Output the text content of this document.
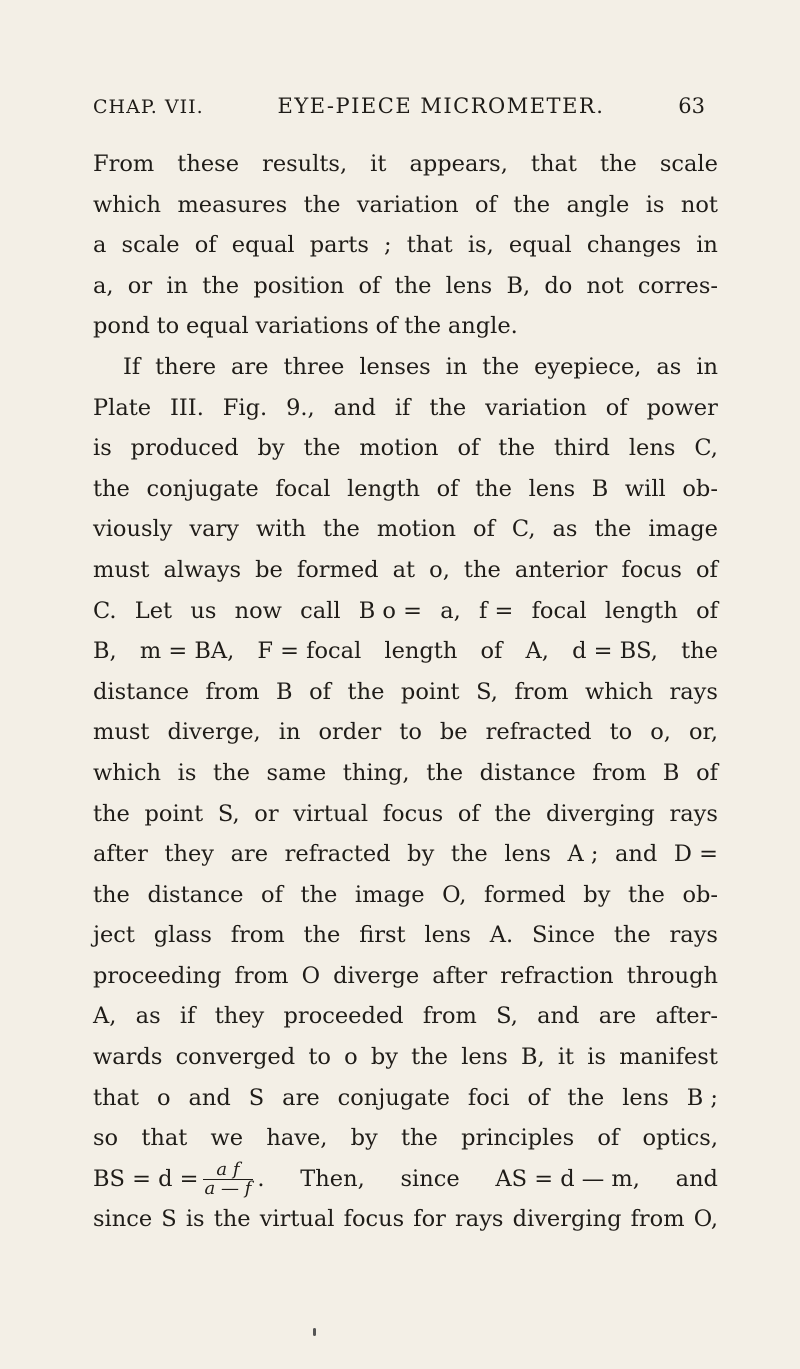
CHAP. VII.	EYE-PIECE MICROMETER.	63
From these results, it appears, that the scale
which measures the variation of the angle is not
a scale of equal parts ; that is, equal changes in
a, or in the position of the lens B, do not corres-
pond to equal variations of the angle.
If there are three lenses in the eyepiece, as in
Plate III. Fig. 9., and if the variation of power
is produced by the motion of the third lens C,
the conjugate focal length of the lens B will ob-
viously vary with the motion of C, as the image
must always be formed at o, the anterior focus of
C. Let us now call B o = a, f = focal length of
B, m = BA, F = focal length of A, d = BS, the
distance from B of the point S, from which rays
must diverge, in order to be refracted to o, or,
which is the same thing, the distance from B of
the point S, or virtual focus of the diverging rays
after they are refracted by the lens A ; and D =
the distance of the image O, formed by the ob-
ject glass from the first lens A. Since the rays
proceeding from O diverge after refraction through
A, as if they proceeded from S, and are after-
wards converged to o by the lens B, it is manifest
that o and S are conjugate foci of the lens B ;
so that we have, by the principles of optics,
BS = $d = \frac{\text{a f}}{a — f}$ . Then, since AS = d — m, and
since S is the virtual focus for rays diverging from O,
